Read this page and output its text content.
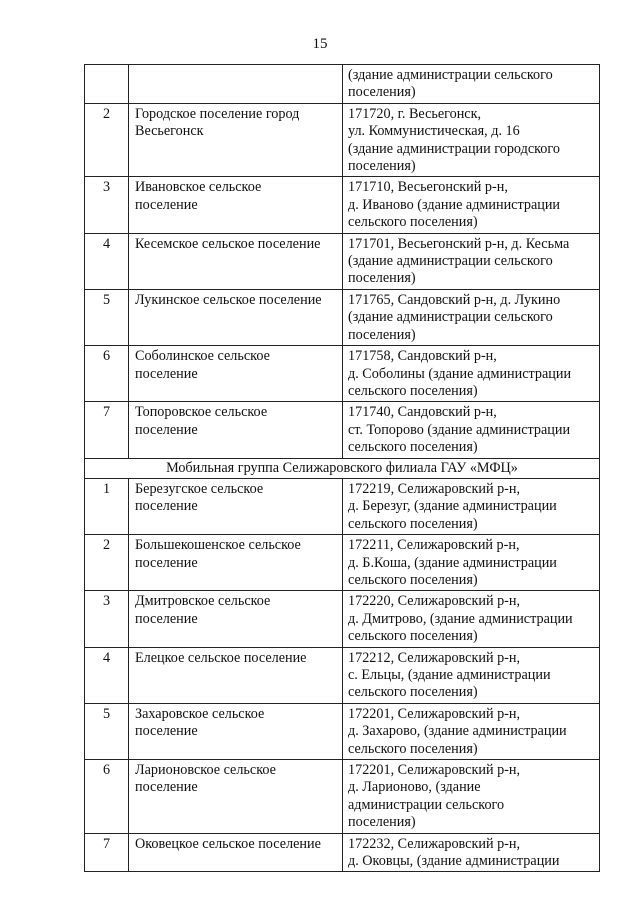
15

		(здание администрации сельского
поселения)

2	Городское поселение город
Весьегонск	171720, г. Весьегонск,
ул. Коммунистическая, д. 16
(здание администрации городского
поселения)

3	Ивановское сельское
поселение	171710, Весьегонский р-н,
д. Иваново (здание администрации
сельского поселения)

4	Кесемское сельское поселение	171701, Весьегонский р-н, д. Кесьма
(здание администрации сельского
поселения)

5	Лукинское сельское поселение	171765, Сандовский р-н, д. Лукино
(здание администрации сельского
поселения)

6	Соболинское сельское
поселение	171758, Сандовский р-н,
д. Соболины (здание администрации
сельского поселения)

7	Топоровское сельское
поселение	171740, Сандовский р-н,
ст. Топорово (здание администрации
сельского поселения)

Мобильная группа Селижаровского филиала ГАУ «МФЦ»		
1	Березугское сельское
поселение	172219, Селижаровский р-н,
д. Березуг, (здание администрации
сельского поселения)

2	Большекошенское сельское
поселение	172211, Селижаровский р-н,
д. Б.Коша, (здание администрации
сельского поселения)

3	Дмитровское сельское
поселение	172220, Селижаровский р-н,
д. Дмитрово, (здание администрации
сельского поселения)

4	Елецкое сельское поселение	172212, Селижаровский р-н,
с. Ельцы, (здание администрации
сельского поселения)

5	Захаровское сельское
поселение	172201, Селижаровский р-н,
д. Захарово, (здание администрации
сельского поселения)

6	Ларионовское сельское
поселение	172201, Селижаровский р-н,
д. Ларионово, (здание
администрации сельского
поселения)

7	Оковецкое сельское поселение	172232, Селижаровский р-н,
д. Оковцы, (здание администрации
